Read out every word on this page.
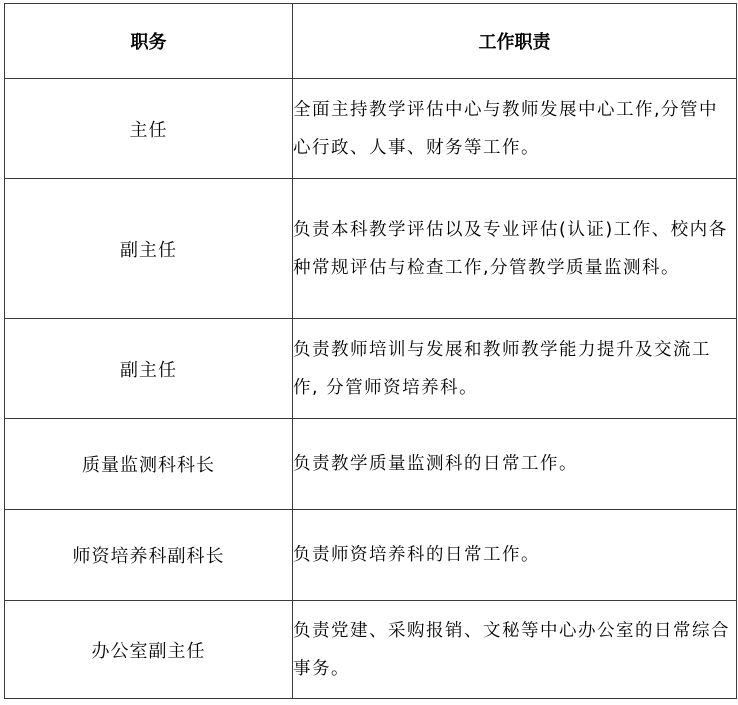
职务	工作职责
主任	全面主持教学评估中心与教师发展中心工作,分管中心行政、人事、财务等工作。
副主任	负责本科教学评估以及专业评估(认证)工作、校内各种常规评估与检查工作,分管教学质量监测科。
副主任	负责教师培训与发展和教师教学能力提升及交流工作, 分管师资培养科。
质量监测科科长	负责教学质量监测科的日常工作。
师资培养科副科长	负责师资培养科的日常工作。
办公室副主任	负责党建、采购报销、文秘等中心办公室的日常综合事务。
